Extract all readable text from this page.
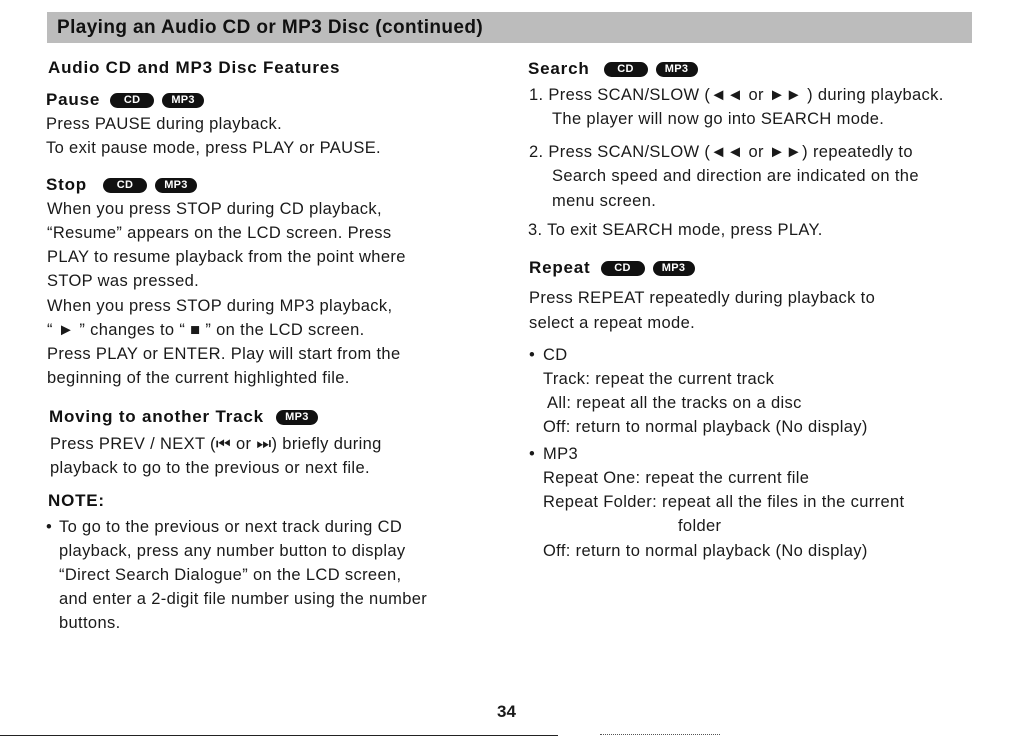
Playing an Audio CD or MP3 Disc (continued)
Audio CD and MP3 Disc Features
Pause CD	MP3
Press PAUSE during playback.
To exit pause mode, press PLAY or PAUSE.
Stop	CD	MP3
When you press STOP during CD playback,
“Resume” appears on the LCD screen. Press
PLAY to resume playback from the point where
STOP was pressed.
When you press STOP during MP3 playback,
“ ► ” changes to “ ■ ” on the LCD screen.
Press PLAY or ENTER. Play will start from the
beginning of the current highlighted file.
Moving to another Track MP3
Press PREV / NEXT (⏮ or ⏭) briefly during
playback to go to the previous or next file.
NOTE:
•
To go to the previous or next track during CD
playback, press any number button to display
“Direct Search Dialogue” on the LCD screen,
and enter a 2-digit file number using the number
buttons.
Search	CD	MP3
1. Press SCAN/SLOW (◄◄ or ►► ) during playback.
The player will now go into SEARCH mode.
2. Press SCAN/SLOW (◄◄ or ►►) repeatedly to
Search speed and direction are indicated on the
menu screen.
3. To exit SEARCH mode, press PLAY.
Repeat CD	MP3
Press REPEAT repeatedly during playback to
select a repeat mode.
•
CD
Track: repeat the current track
All: repeat all the tracks on a disc
Off: return to normal playback (No display)
•
MP3
Repeat One: repeat the current file
Repeat Folder: repeat all the files in the current
folder
Off: return to normal playback (No display)
34
